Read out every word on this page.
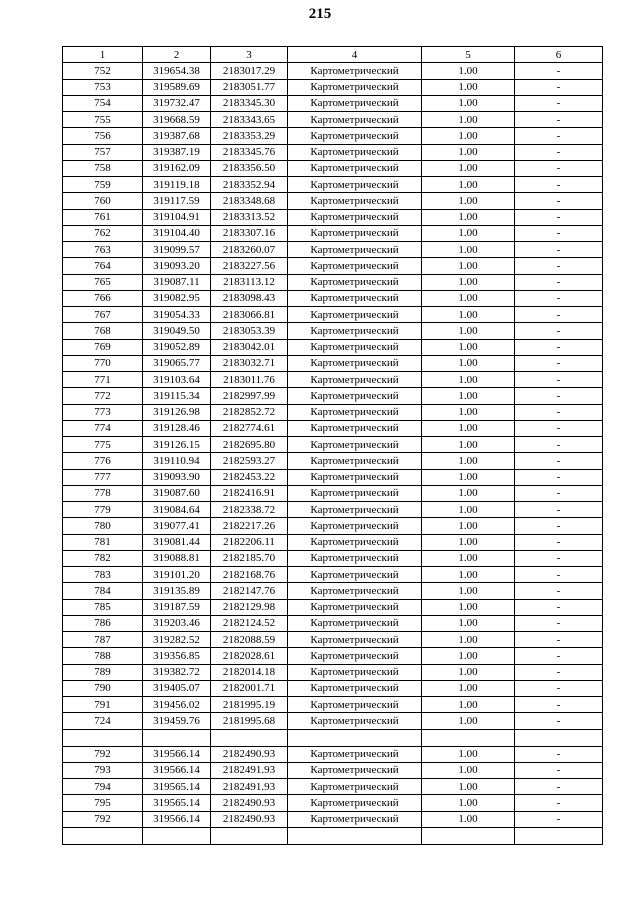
215
1	2	3	4	5	6
752	319654.38	2183017.29	Картометрический	1.00	-
753	319589.69	2183051.77	Картометрический	1.00	-
754	319732.47	2183345.30	Картометрический	1.00	-
755	319668.59	2183343.65	Картометрический	1.00	-
756	319387.68	2183353.29	Картометрический	1.00	-
757	319387.19	2183345.76	Картометрический	1.00	-
758	319162.09	2183356.50	Картометрический	1.00	-
759	319119.18	2183352.94	Картометрический	1.00	-
760	319117.59	2183348.68	Картометрический	1.00	-
761	319104.91	2183313.52	Картометрический	1.00	-
762	319104.40	2183307.16	Картометрический	1.00	-
763	319099.57	2183260.07	Картометрический	1.00	-
764	319093.20	2183227.56	Картометрический	1.00	-
765	319087.11	2183113.12	Картометрический	1.00	-
766	319082.95	2183098.43	Картометрический	1.00	-
767	319054.33	2183066.81	Картометрический	1.00	-
768	319049.50	2183053.39	Картометрический	1.00	-
769	319052.89	2183042.01	Картометрический	1.00	-
770	319065.77	2183032.71	Картометрический	1.00	-
771	319103.64	2183011.76	Картометрический	1.00	-
772	319115.34	2182997.99	Картометрический	1.00	-
773	319126.98	2182852.72	Картометрический	1.00	-
774	319128.46	2182774.61	Картометрический	1.00	-
775	319126.15	2182695.80	Картометрический	1.00	-
776	319110.94	2182593.27	Картометрический	1.00	-
777	319093.90	2182453.22	Картометрический	1.00	-
778	319087.60	2182416.91	Картометрический	1.00	-
779	319084.64	2182338.72	Картометрический	1.00	-
780	319077.41	2182217.26	Картометрический	1.00	-
781	319081.44	2182206.11	Картометрический	1.00	-
782	319088.81	2182185.70	Картометрический	1.00	-
783	319101.20	2182168.76	Картометрический	1.00	-
784	319135.89	2182147.76	Картометрический	1.00	-
785	319187.59	2182129.98	Картометрический	1.00	-
786	319203.46	2182124.52	Картометрический	1.00	-
787	319282.52	2182088.59	Картометрический	1.00	-
788	319356.85	2182028.61	Картометрический	1.00	-
789	319382.72	2182014.18	Картометрический	1.00	-
790	319405.07	2182001.71	Картометрический	1.00	-
791	319456.02	2181995.19	Картометрический	1.00	-
724	319459.76	2181995.68	Картометрический	1.00	-

792	319566.14	2182490.93	Картометрический	1.00	-
793	319566.14	2182491.93	Картометрический	1.00	-
794	319565.14	2182491.93	Картометрический	1.00	-
795	319565.14	2182490.93	Картометрический	1.00	-
792	319566.14	2182490.93	Картометрический	1.00	-
